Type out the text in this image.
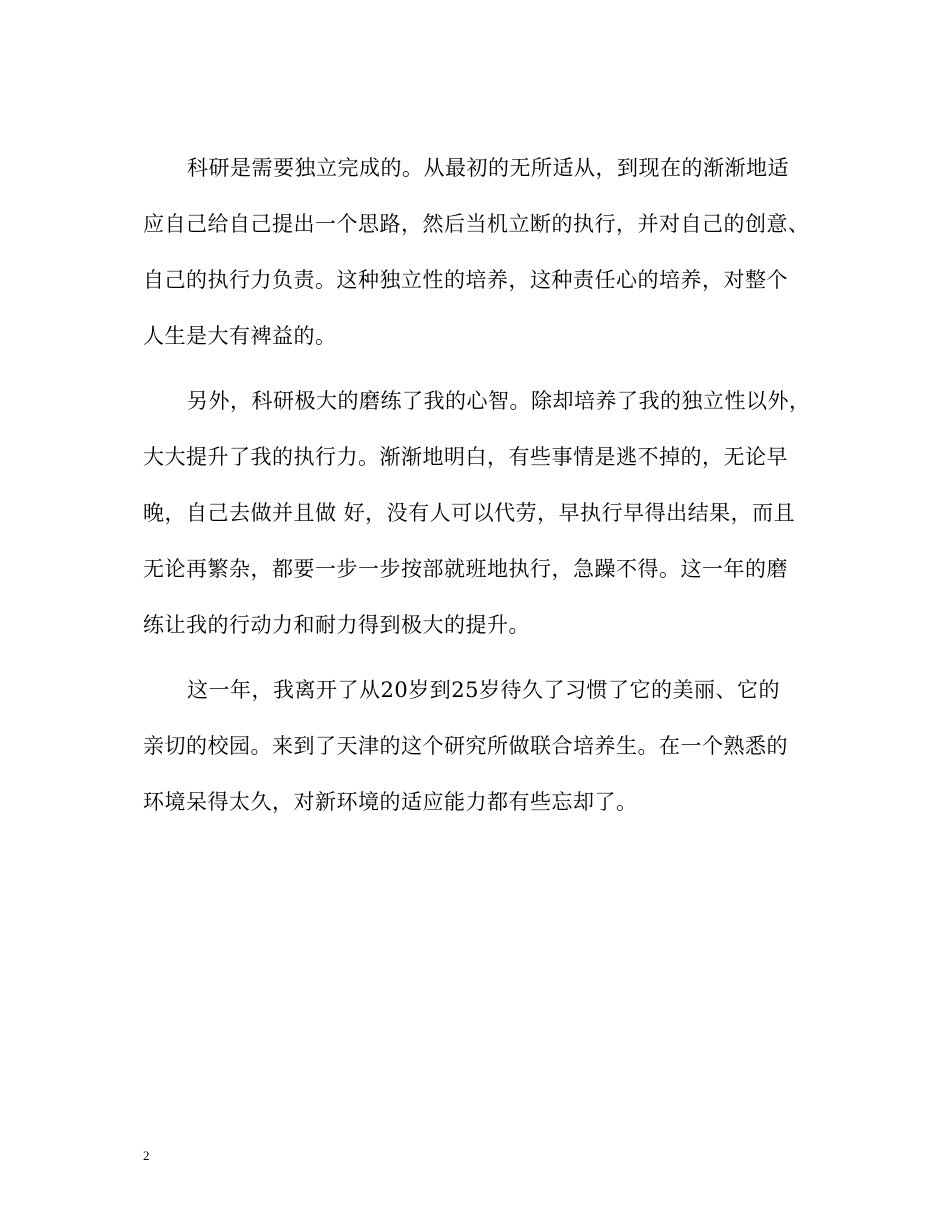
科研是需要独立完成的。从最初的无所适从，到现在的渐渐地适
应自己给自己提出一个思路，然后当机立断的执行，并对自己的创意、
自己的执行力负责。这种独立性的培养，这种责任心的培养，对整个
人生是大有裨益的。
另外，科研极大的磨练了我的心智。除却培养了我的独立性以外，
大大提升了我的执行力。渐渐地明白，有些事情是逃不掉的，无论早
晚，自己去做并且做 好，没有人可以代劳，早执行早得出结果，而且
无论再繁杂，都要一步一步按部就班地执行，急躁不得。这一年的磨
练让我的行动力和耐力得到极大的提升。
这一年，我离开了从20岁到25岁待久了习惯了它的美丽、它的
亲切的校园。来到了天津的这个研究所做联合培养生。在一个熟悉的
环境呆得太久，对新环境的适应能力都有些忘却了。
2
